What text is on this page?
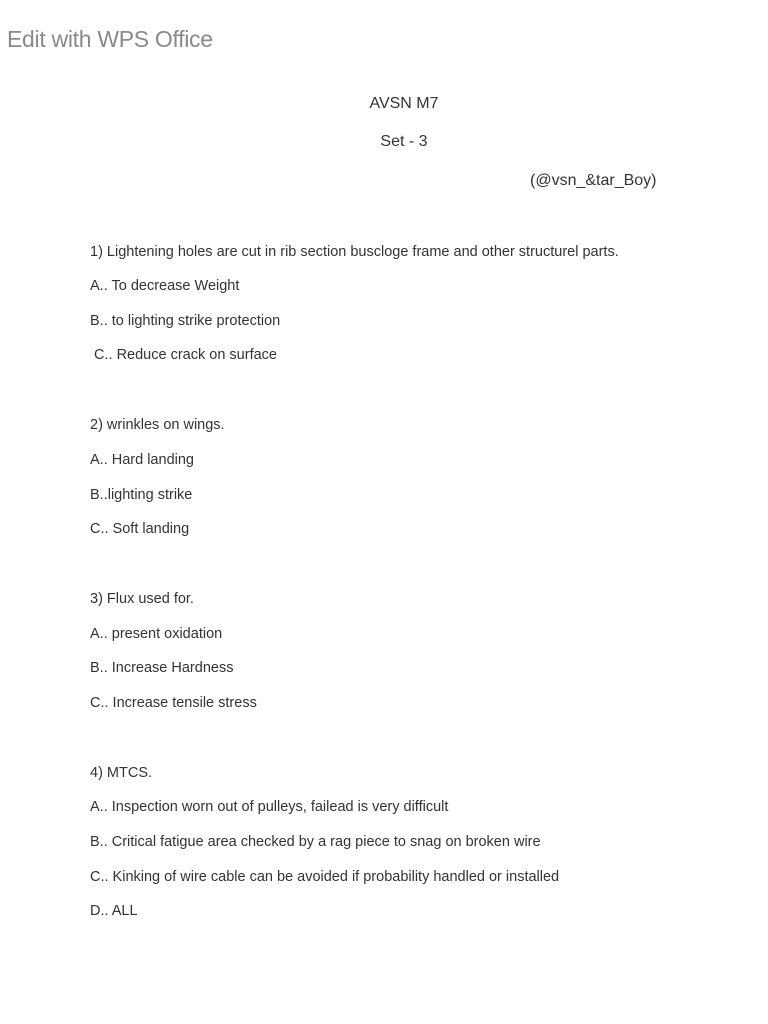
Edit with WPS Office
AVSN M7
Set - 3
(@vsn_&tar_Boy)
1) Lightening holes are cut in rib section buscloge frame and other structurel parts.
A.. To decrease Weight
B.. to lighting strike protection
C.. Reduce crack on surface
2) wrinkles on wings.
A.. Hard landing
B..lighting strike
C.. Soft landing
3) Flux used for.
A.. present oxidation
B.. Increase Hardness
C.. Increase tensile stress
4) MTCS.
A.. Inspection worn out of pulleys, failead is very difficult
B.. Critical fatigue area checked by a rag piece to snag on broken wire
C.. Kinking of wire cable can be avoided if probability handled or installed
D.. ALL
